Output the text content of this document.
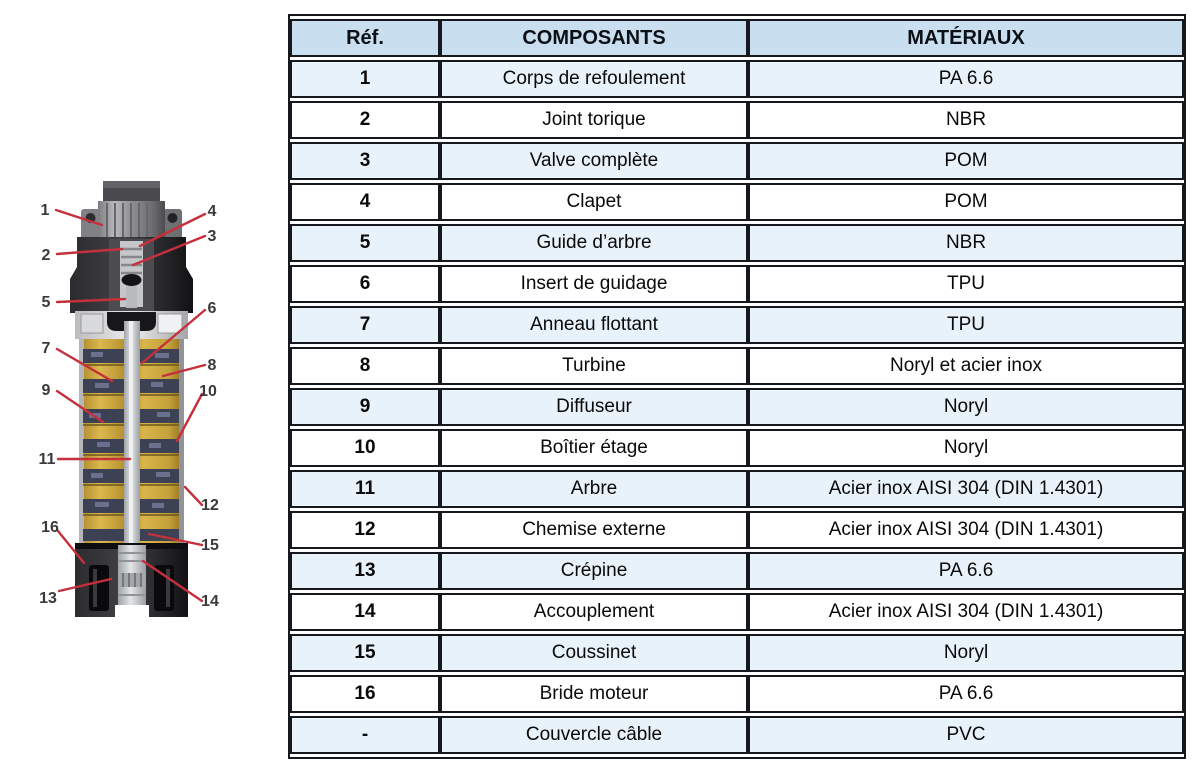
1
2
3
4
5	6
7
8
9	10
11
12
13	14
15
16
Réf.	COMPOSANTS	MATÉRIAUX
1	Corps de refoulement	PA 6.6
2	Joint torique	NBR
3	Valve complète	POM
4	Clapet	POM
5	Guide d’arbre	NBR
6	Insert de guidage	TPU
7	Anneau flottant	TPU
8	Turbine	Noryl et acier inox
9	Diffuseur	Noryl
10	Boîtier étage	Noryl
11	Arbre	Acier inox AISI 304 (DIN 1.4301)
12	Chemise externe	Acier inox AISI 304 (DIN 1.4301)
13	Crépine	PA 6.6
14	Accouplement	Acier inox AISI 304 (DIN 1.4301)
15	Coussinet	Noryl
16	Bride moteur	PA 6.6
-	Couvercle câble	PVC
